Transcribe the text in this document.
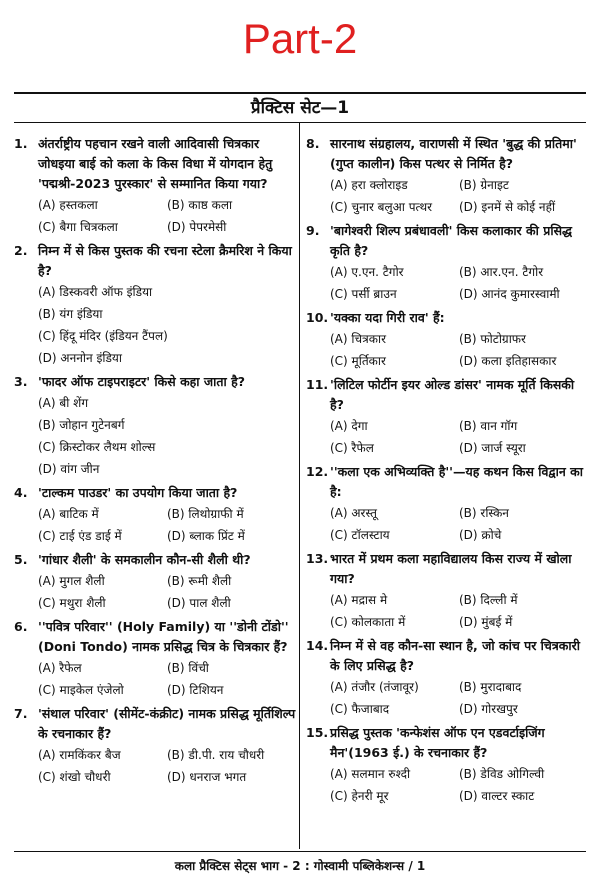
Part-2
प्रैक्टिस सेट—1
1. अंतर्राष्ट्रीय पहचान रखने वाली आदिवासी चित्रकार जोधइया बाई को कला के किस विधा में योगदान हेतु 'पद्मश्री-2023 पुरस्कार' से सम्मानित किया गया?
(A) हस्तकला	(B) काष्ठ कला
(C) बैगा चित्रकला	(D) पेपरमेसी
2. निम्न में से किस पुस्तक की रचना स्टेला क्रैमरिश ने किया है?
(A) डिस्कवरी ऑफ इंडिया
(B) यंग इंडिया
(C) हिंदू मंदिर (इंडियन टैंपल)
(D) अननोन इंडिया
3. 'फादर ऑफ टाइपराइटर' किसे कहा जाता है?
(A) बी शेंग
(B) जोहान गुटेनबर्ग
(C) क्रिस्टोकर लैथम शोल्स
(D) वांग जीन
4. 'टाल्कम पाउडर' का उपयोग किया जाता है?
(A) बाटिक में	(B) लिथोग्राफी में
(C) टाई एंड डाई में	(D) ब्लाक प्रिंट में
5. 'गांधार शैली' के समकालीन कौन-सी शैली थी?
(A) मुगल शैली	(B) रूमी शैली
(C) मथुरा शैली	(D) पाल शैली
6. ''पवित्र परिवार'' (Holy Family) या ''डोनी टोंडो'' (Doni Tondo) नामक प्रसिद्ध चित्र के चित्रकार हैं?
(A) रैफेल	(B) विंची
(C) माइकेल एंजेलो	(D) टिशियन
7. 'संथाल परिवार' (सीमेंट-कंक्रीट) नामक प्रसिद्ध मूर्तिशिल्प के रचनाकार हैं?
(A) रामकिंकर बैज	(B) डी.पी. राय चौधरी
(C) शंखो चौधरी	(D) धनराज भगत
8. सारनाथ संग्रहालय, वाराणसी में स्थित 'बुद्ध की प्रतिमा' (गुप्त कालीन) किस पत्थर से निर्मित है?
(A) हरा क्लोराइड	(B) ग्रेनाइट
(C) चुनार बलुआ पत्थर	(D) इनमें से कोई नहीं
9. 'बागेश्वरी शिल्प प्रबंधावली' किस कलाकार की प्रसिद्ध कृति है?
(A) ए.एन. टैगोर	(B) आर.एन. टैगोर
(C) पर्सी ब्राउन	(D) आनंद कुमारस्वामी
10. 'यक्का यदा गिरी राव' हैं:
(A) चित्रकार	(B) फोटोग्राफर
(C) मूर्तिकार	(D) कला इतिहासकार
11. 'लिटिल फोर्टीन इयर ओल्ड डांसर' नामक मूर्ति किसकी है?
(A) देगा	(B) वान गॉग
(C) रैफेल	(D) जार्ज स्यूरा
12. ''कला एक अभिव्यक्ति है''—यह कथन किस विद्वान का है:
(A) अरस्तू	(B) रस्किन
(C) टॉलस्टाय	(D) क्रोचे
13. भारत में प्रथम कला महाविद्यालय किस राज्य में खोला गया?
(A) मद्रास मे	(B) दिल्ली में
(C) कोलकाता में	(D) मुंबई में
14. निम्न में से वह कौन-सा स्थान है, जो कांच पर चित्रकारी के लिए प्रसिद्ध है?
(A) तंजौर (तंजावूर)	(B) मुरादाबाद
(C) फैजाबाद	(D) गोरखपुर
15. प्रसिद्ध पुस्तक 'कन्फेशंस ऑफ एन एडवर्टाइजिंग मैन'(1963 ई.) के रचनाकार हैं?
(A) सलमान रुश्दी	(B) डेविड ओगिल्वी
(C) हेनरी मूर	(D) वाल्टर स्काट
कला प्रैक्टिस सेट्स भाग - 2 : गोस्वामी पब्लिकेशन्स / 1
